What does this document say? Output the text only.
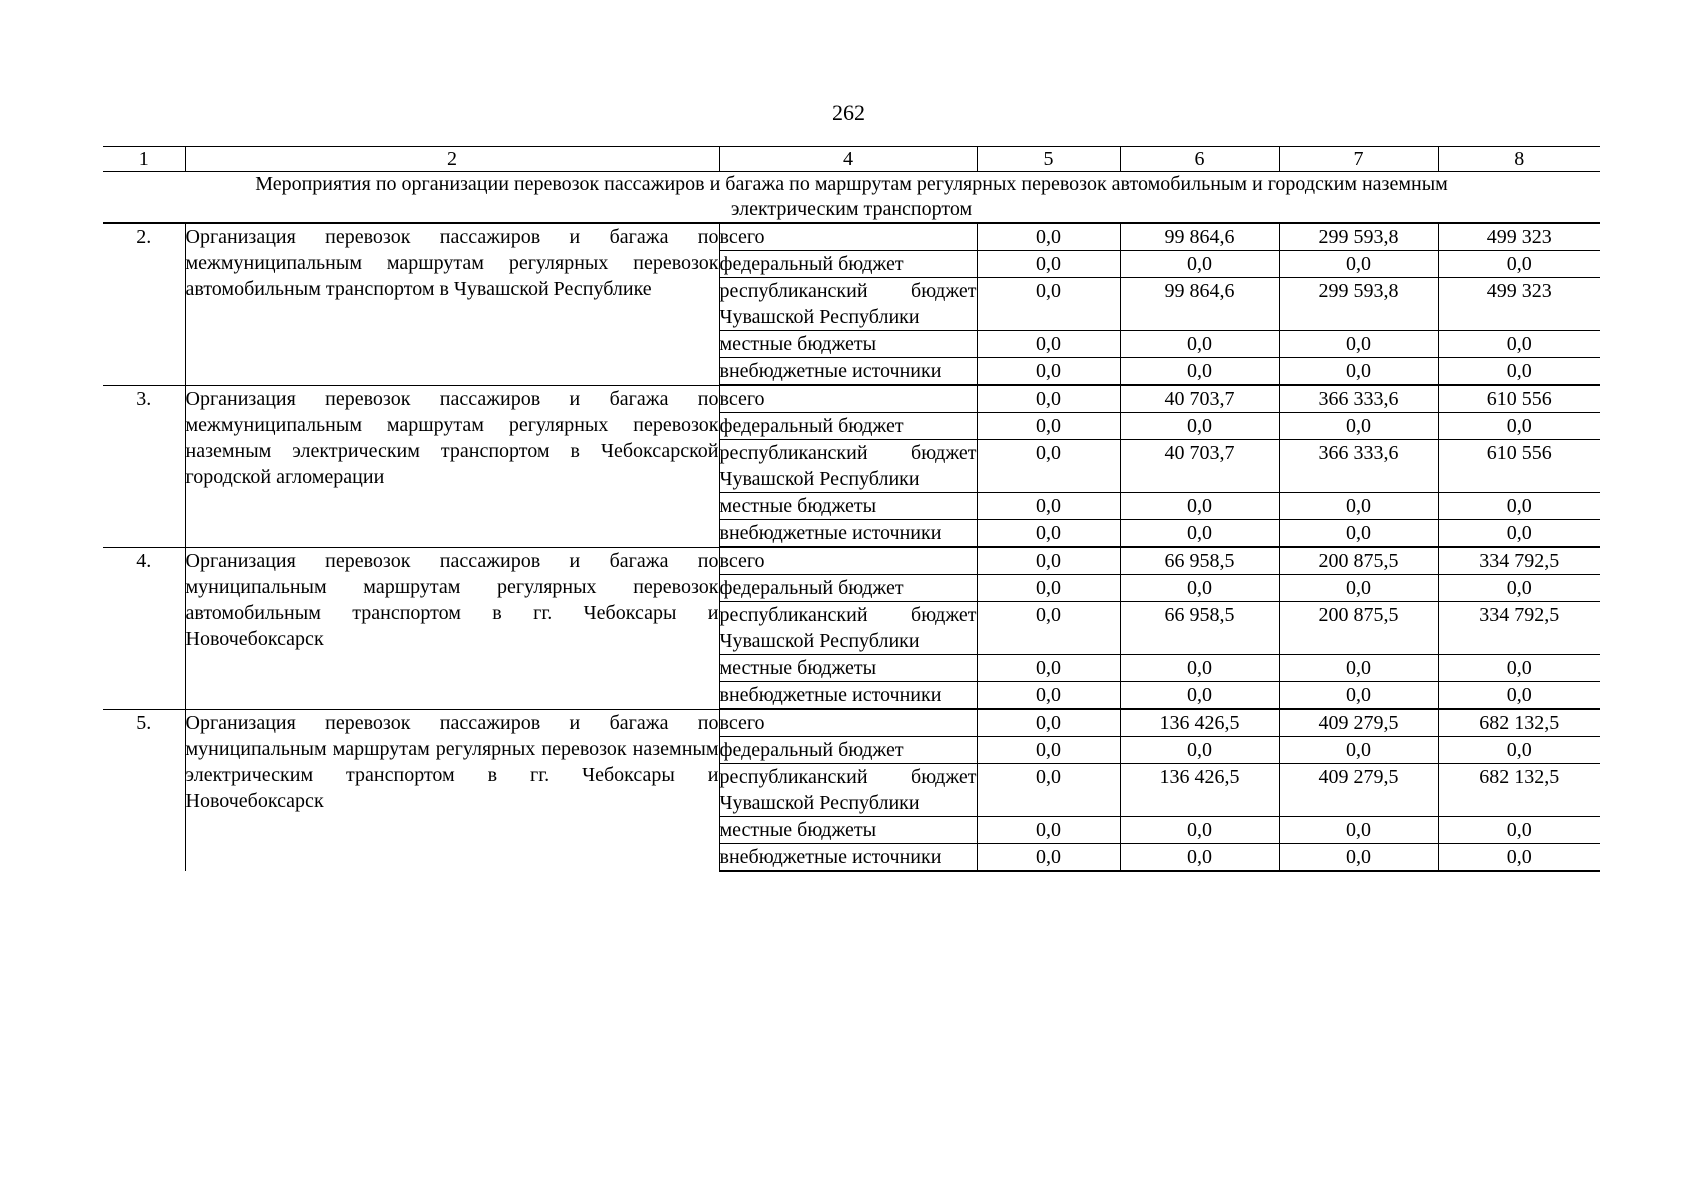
262
1	2	4	5	6	7	8
Мероприятия по организации перевозок пассажиров и багажа по маршрутам регулярных перевозок автомобильным и городским наземным электрическим транспортом						
2.	Организация перевозок пассажиров и багажа по межмуниципальным маршрутам регулярных перевозок автомобильным транспортом в Чувашской Республике	всего	0,0	99 864,6	299 593,8	499 323
		федеральный бюджет	0,0	0,0	0,0	0,0
		республиканский бюджет Чувашской Республики	0,0	99 864,6	299 593,8	499 323
		местные бюджеты	0,0	0,0	0,0	0,0
		внебюджетные источники	0,0	0,0	0,0	0,0
3.	Организация перевозок пассажиров и багажа по межмуниципальным маршрутам регулярных перевозок наземным электрическим транспортом в Чебоксарской городской агломерации	всего	0,0	40 703,7	366 333,6	610 556
		федеральный бюджет	0,0	0,0	0,0	0,0
		республиканский бюджет Чувашской Республики	0,0	40 703,7	366 333,6	610 556
		местные бюджеты	0,0	0,0	0,0	0,0
		внебюджетные источники	0,0	0,0	0,0	0,0
4.	Организация перевозок пассажиров и багажа по муниципальным маршрутам регулярных перевозок автомобильным транспортом в гг. Чебоксары и Новочебоксарск	всего	0,0	66 958,5	200 875,5	334 792,5
		федеральный бюджет	0,0	0,0	0,0	0,0
		республиканский бюджет Чувашской Республики	0,0	66 958,5	200 875,5	334 792,5
		местные бюджеты	0,0	0,0	0,0	0,0
		внебюджетные источники	0,0	0,0	0,0	0,0
5.	Организация перевозок пассажиров и багажа по муниципальным маршрутам регулярных перевозок наземным электрическим транспортом в гг. Чебоксары и Новочебоксарск	всего	0,0	136 426,5	409 279,5	682 132,5
		федеральный бюджет	0,0	0,0	0,0	0,0
		республиканский бюджет Чувашской Республики	0,0	136 426,5	409 279,5	682 132,5
		местные бюджеты	0,0	0,0	0,0	0,0
		внебюджетные источники	0,0	0,0	0,0	0,0
